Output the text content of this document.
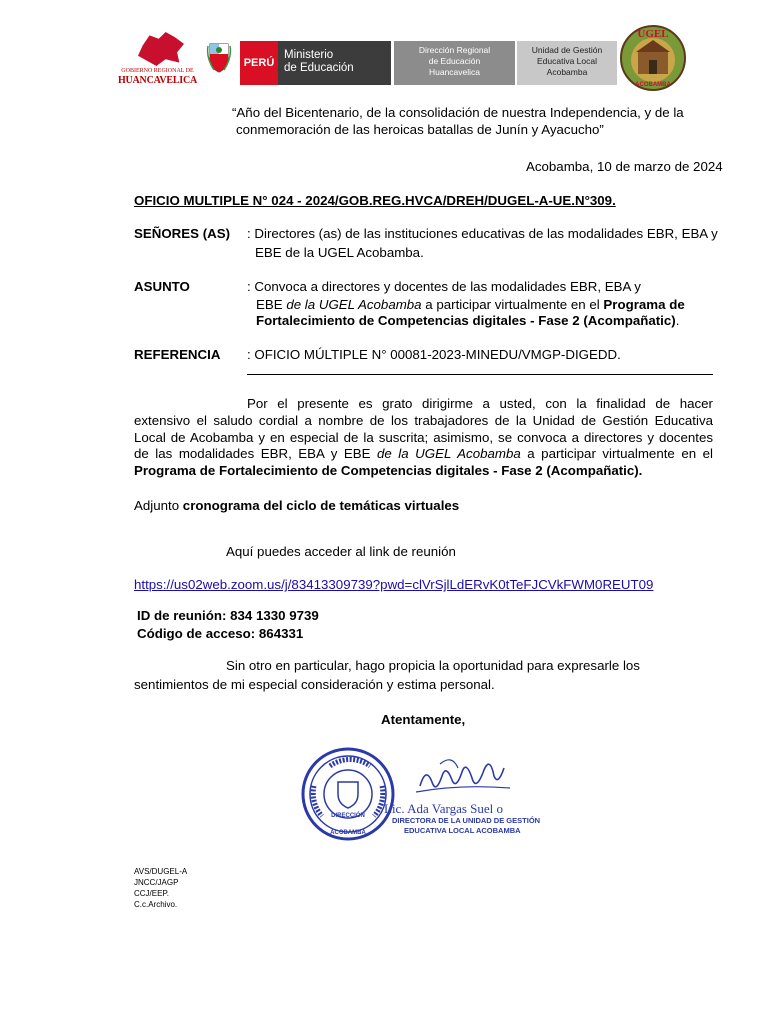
GOBIERNO REGIONAL DE
HUANCAVELICA
PERÚ
Ministerio
de Educación
Dirección Regional
de Educación
Huancavelica
Unidad de Gestión
Educativa Local
Acobamba
UGEL
ACOBAMBA
“Año del Bicentenario, de la consolidación de nuestra Independencia, y de la
conmemoración de las heroicas batallas de Junín y Ayacucho”
Acobamba, 10 de marzo de 2024
OFICIO MULTIPLE N° 024 - 2024/GOB.REG.HVCA/DREH/DUGEL-A-UE.N°309.
SEÑORES (AS) : Directores (as) de las instituciones educativas de las modalidades EBR, EBA y
EBE de la UGEL Acobamba.
ASUNTO	: Convoca a directores y docentes de las modalidades EBR, EBA y
EBE de la UGEL Acobamba a participar virtualmente en el Programa de
Fortalecimiento de Competencias digitales - Fase 2 (Acompañatic).
REFERENCIA : OFICIO MÚLTIPLE N° 00081-2023-MINEDU/VMGP-DIGEDD.
Por el presente es grato dirigirme a usted, con la finalidad de hacer
extensivo el saludo cordial a nombre de los trabajadores de la Unidad de Gestión Educativa
Local de Acobamba y en especial de la suscrita; asimismo, se convoca a directores y docentes
de las modalidades EBR, EBA y EBE de la UGEL Acobamba a participar virtualmente en el
Programa de Fortalecimiento de Competencias digitales - Fase 2 (Acompañatic).
Adjunto cronograma del ciclo de temáticas virtuales
Aquí puedes acceder al link de reunión
https://us02web.zoom.us/j/83413309739?pwd=clVrSjlLdERvK0tTeFJCVkFWM0REUT09
ID de reunión: 834 1330 9739
Código de acceso: 864331
Sin otro en particular, hago propicia la oportunidad para expresarle los
sentimientos de mi especial consideración y estima personal.
Atentamente,
DIRECCIÓN
ACOBAMBA
Lic. Ada Vargas Suel o
DIRECTORA DE LA UNIDAD DE GESTIÓN
EDUCATIVA LOCAL ACOBAMBA
AVS/DUGEL-A
JNCC/JAGP
CCJ/EEP.
C.c.Archivo.
